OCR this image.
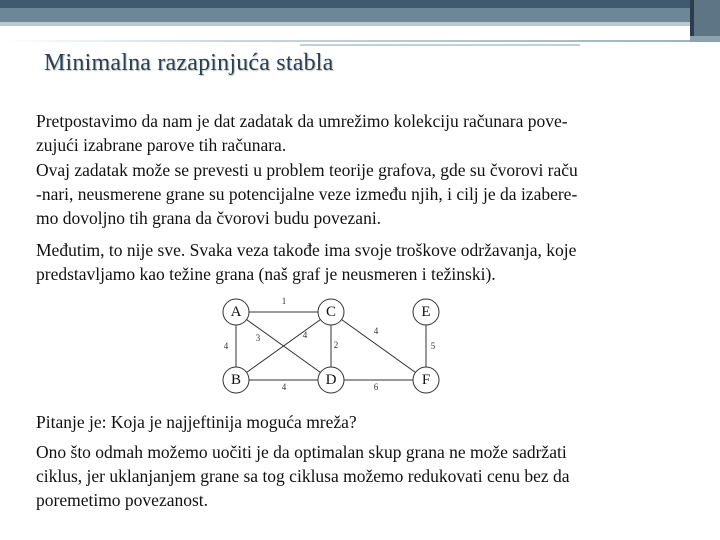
Minimalna razapinjuća stabla

Pretpostavimo da nam je dat zadatak da umrežimo kolekciju računara pove-
zujući izabrane parove tih računara.

Ovaj zadatak može se prevesti u problem teorije grafova, gde su čvorovi raču
-nari, neusmerene grane su potencijalne veze između njih, i cilj je da izabere-
mo dovoljno tih grana da čvorovi budu povezani.

Međutim, to nije sve. Svaka veza takođe ima svoje troškove održavanja, koje
predstavljamo kao težine grana (naš graf je neusmeren i težinski).

A
B
C
D
E
F
1
4
3	4
2
4
4	6
5

Pitanje je: Koja je najjeftinija moguća mreža?

Ono što odmah možemo uočiti je da optimalan skup grana ne može sadržati
ciklus, jer uklanjanjem grane sa tog ciklusa možemo redukovati cenu bez da
poremetimo povezanost.
